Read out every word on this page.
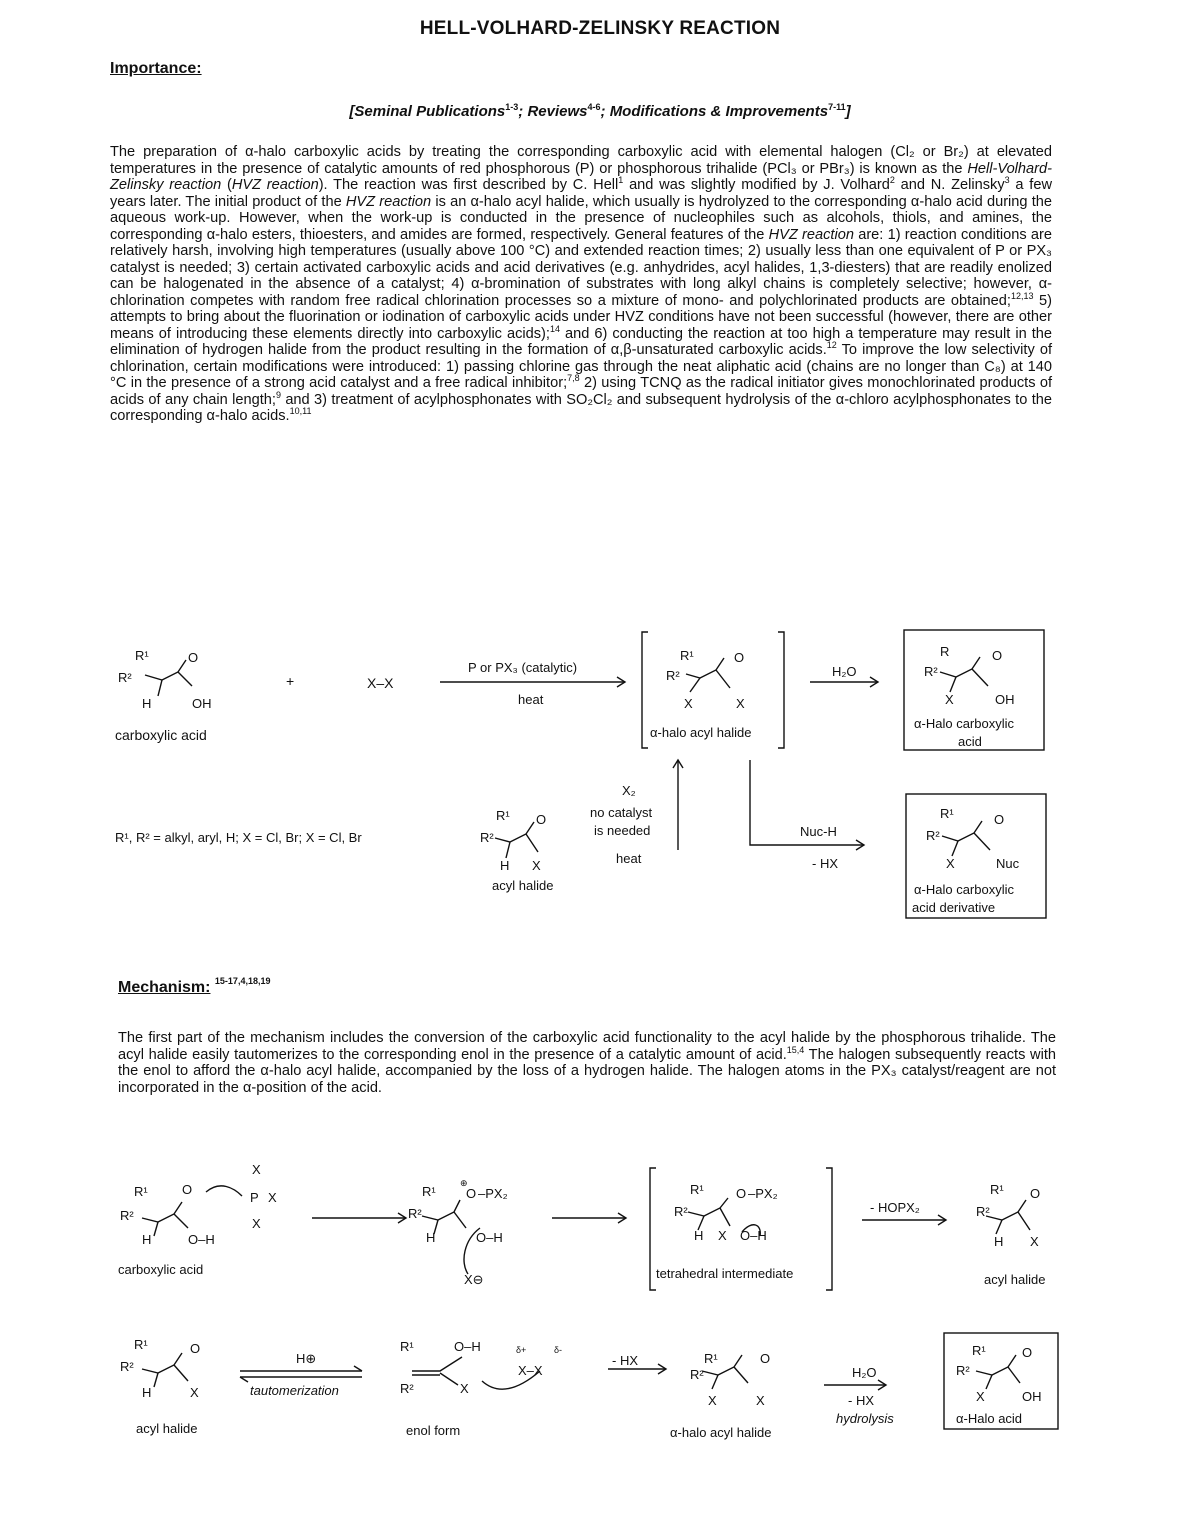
HELL-VOLHARD-ZELINSKY REACTION
Importance:
[Seminal Publications$^{1-3}$; Reviews$^{4-6}$; Modifications & Improvements$^{7-11}$]
The preparation of α-halo carboxylic acids by treating the corresponding carboxylic acid with elemental halogen (Cl₂ or Br₂) at elevated temperatures in the presence of catalytic amounts of red phosphorous (P) or phosphorous trihalide (PCl₃ or PBr₃) is known as the Hell-Volhard-Zelinsky reaction (HVZ reaction). The reaction was first described by C. Hell$^1$ and was slightly modified by J. Volhard$^2$ and N. Zelinsky$^3$ a few years later. The initial product of the HVZ reaction is an α-halo acyl halide, which usually is hydrolyzed to the corresponding α-halo acid during the aqueous work-up. However, when the work-up is conducted in the presence of nucleophiles such as alcohols, thiols, and amines, the corresponding α-halo esters, thioesters, and amides are formed, respectively. General features of the HVZ reaction are: 1) reaction conditions are relatively harsh, involving high temperatures (usually above 100 °C) and extended reaction times; 2) usually less than one equivalent of P or PX₃ catalyst is needed; 3) certain activated carboxylic acids and acid derivatives (e.g. anhydrides, acyl halides, 1,3-diesters) that are readily enolized can be halogenated in the absence of a catalyst; 4) α-bromination of substrates with long alkyl chains is completely selective; however, α-chlorination competes with random free radical chlorination processes so a mixture of mono- and polychlorinated products are obtained;$^{12,13}$ 5) attempts to bring about the fluorination or iodination of carboxylic acids under HVZ conditions have not been successful (however, there are other means of introducing these elements directly into carboxylic acids);$^{14}$ and 6) conducting the reaction at too high a temperature may result in the elimination of hydrogen halide from the product resulting in the formation of α,β-unsaturated carboxylic acids.$^{12}$ To improve the low selectivity of chlorination, certain modifications were introduced: 1) passing chlorine gas through the neat aliphatic acid (chains are no longer than C₈) at 140 °C in the presence of a strong acid catalyst and a free radical inhibitor;$^{7,8}$ 2) using TCNQ as the radical initiator gives monochlorinated products of acids of any chain length;$^9$ and 3) treatment of acylphosphonates with SO₂Cl₂ and subsequent hydrolysis of the α-chloro acylphosphonates to the corresponding α-halo acids.$^{10,11}$
R¹
R²
O
H	OH
carboxylic acid
+	X–X
P or PX₃ (catalytic)
heat
R¹
R²
O
X	X
α-halo acyl halide
H₂O
R
R²
O
X	OH
α-Halo carboxylic
acid
R¹, R² = alkyl, aryl, H; X = Cl, Br; X = Cl, Br
R¹
R²
O
H X
acyl halide
X₂
no catalyst
is needed
heat
Nuc-H
- HX
R¹
R²
O
X	Nuc
α-Halo carboxylic
acid derivative
Mechanism: $^{15-17,4,18,19}$
The first part of the mechanism includes the conversion of the carboxylic acid functionality to the acyl halide by the phosphorous trihalide. The acyl halide easily tautomerizes to the corresponding enol in the presence of a catalytic amount of acid.$^{15,4}$ The halogen subsequently reacts with the enol to afford the α-halo acyl halide, accompanied by the loss of a hydrogen halide. The halogen atoms in the PX₃ catalyst/reagent are not incorporated in the α-position of the acid.
R¹
R²
O
X
P X
X
H	O–H
carboxylic acid
R¹
R²
⊕
O –PX₂
H	O–H
X⊖
R¹
R²
O –PX₂
H X O–H
tetrahedral intermediate
- HOPX₂
R¹
R²
O
H X
acyl halide
R¹
R²
O
H	X
acyl halide
H⊕
tautomerization
R¹
R²
O–H
X
δ+	δ-
X–X
enol form
- HX	R¹
R²
O
X	X
α-halo acyl halide
H₂O
- HX
hydrolysis
R¹
R²
O
X	OH
α-Halo acid
